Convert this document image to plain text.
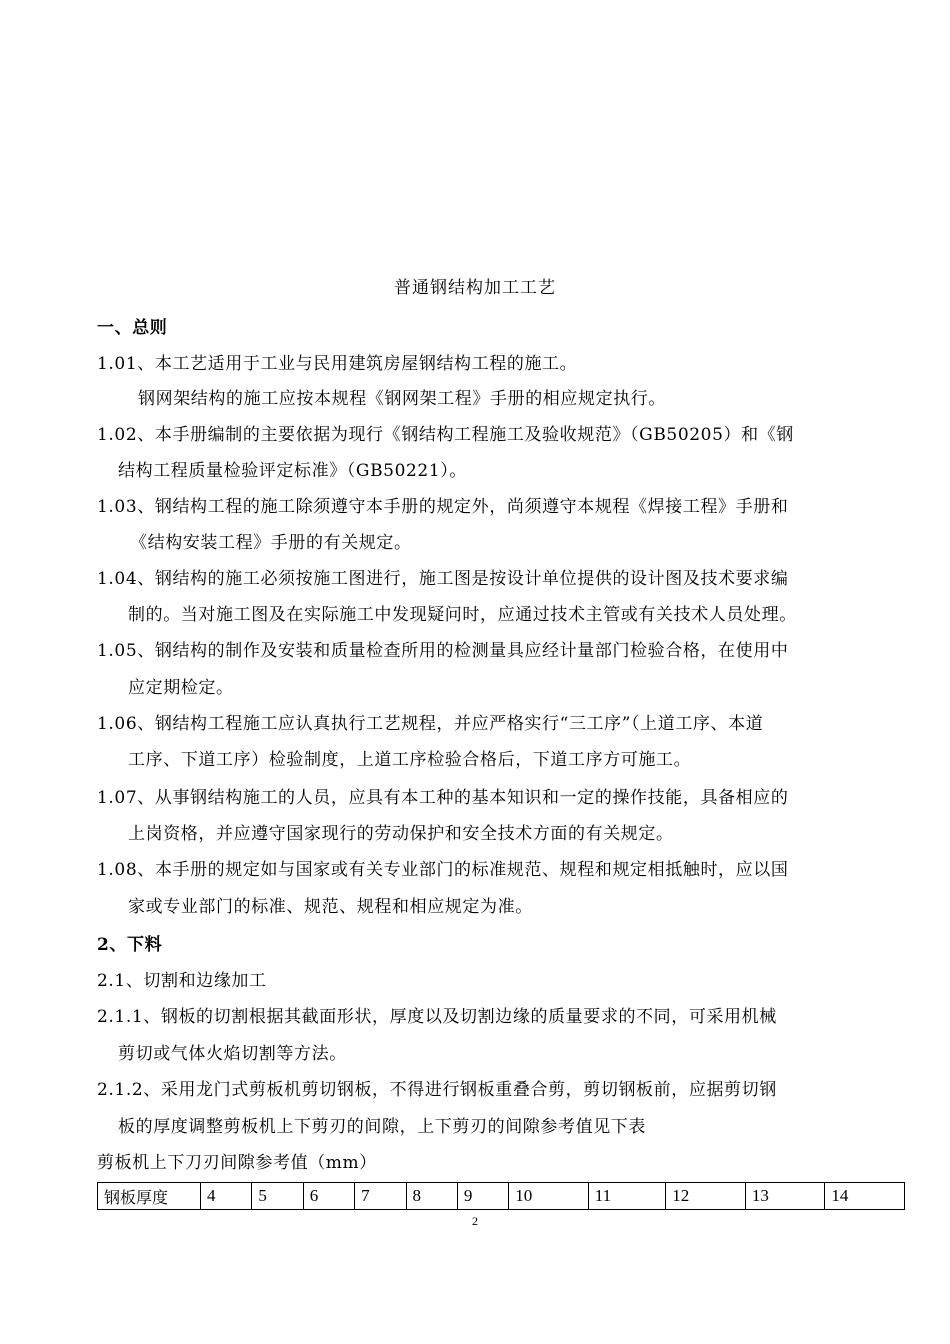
普通钢结构加工工艺
一、总则
1.01、本工艺适用于工业与民用建筑房屋钢结构工程的施工。
钢网架结构的施工应按本规程《钢网架工程》手册的相应规定执行。
1.02、本手册编制的主要依据为现行《钢结构工程施工及验收规范》（GB50205）和《钢
结构工程质量检验评定标准》（GB50221）。
1.03、钢结构工程的施工除须遵守本手册的规定外，尚须遵守本规程《焊接工程》手册和
《结构安装工程》手册的有关规定。
1.04、钢结构的施工必须按施工图进行，施工图是按设计单位提供的设计图及技术要求编
制的。当对施工图及在实际施工中发现疑问时，应通过技术主管或有关技术人员处理。
1.05、钢结构的制作及安装和质量检查所用的检测量具应经计量部门检验合格，在使用中
应定期检定。
1.06、钢结构工程施工应认真执行工艺规程，并应严格实行“三工序”（上道工序、本道
工序、下道工序）检验制度，上道工序检验合格后，下道工序方可施工。
1.07、从事钢结构施工的人员，应具有本工种的基本知识和一定的操作技能，具备相应的
上岗资格，并应遵守国家现行的劳动保护和安全技术方面的有关规定。
1.08、本手册的规定如与国家或有关专业部门的标准规范、规程和规定相抵触时，应以国
家或专业部门的标准、规范、规程和相应规定为准。
2、下料
2.1、切割和边缘加工
2.1.1、钢板的切割根据其截面形状，厚度以及切割边缘的质量要求的不同，可采用机械
剪切或气体火焰切割等方法。
2.1.2、采用龙门式剪板机剪切钢板，不得进行钢板重叠合剪，剪切钢板前，应据剪切钢
板的厚度调整剪板机上下剪刃的间隙，上下剪刃的间隙参考值见下表
剪板机上下刀刃间隙参考值（mm）
钢板厚度	4	5	6	7	8	9	10	11	12	13	14
2
